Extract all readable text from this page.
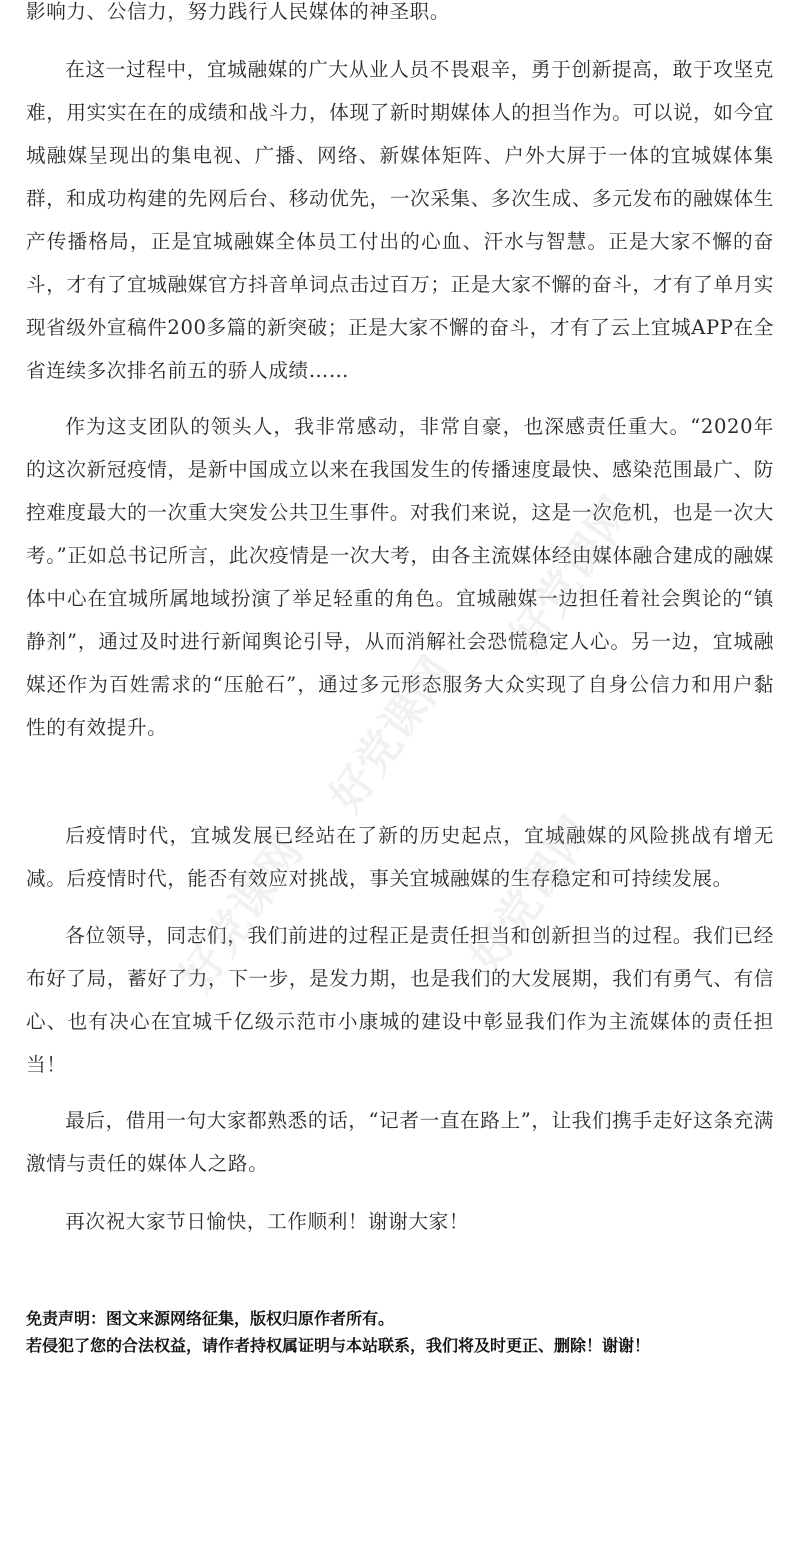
影响力、公信力，努力践行人民媒体的神圣职。

在这一过程中，宜城融媒的广大从业人员不畏艰辛，勇于创新提高，敢于攻坚克难，用实实在在的成绩和战斗力，体现了新时期媒体人的担当作为。可以说，如今宜城融媒呈现出的集电视、广播、网络、新媒体矩阵、户外大屏于一体的宜城媒体集群，和成功构建的先网后台、移动优先，一次采集、多次生成、多元发布的融媒体生产传播格局，正是宜城融媒全体员工付出的心血、汗水与智慧。正是大家不懈的奋斗，才有了宜城融媒官方抖音单词点击过百万；正是大家不懈的奋斗，才有了单月实现省级外宣稿件200多篇的新突破；正是大家不懈的奋斗，才有了云上宜城APP在全省连续多次排名前五的骄人成绩……

作为这支团队的领头人，我非常感动，非常自豪，也深感责任重大。“2020年的这次新冠疫情，是新中国成立以来在我国发生的传播速度最快、感染范围最广、防控难度最大的一次重大突发公共卫生事件。对我们来说，这是一次危机，也是一次大考。”正如总书记所言，此次疫情是一次大考，由各主流媒体经由媒体融合建成的融媒体中心在宜城所属地域扮演了举足轻重的角色。宜城融媒一边担任着社会舆论的“镇静剂”，通过及时进行新闻舆论引导，从而消解社会恐慌稳定人心。另一边，宜城融媒还作为百姓需求的“压舱石”，通过多元形态服务大众实现了自身公信力和用户黏性的有效提升。

后疫情时代，宜城发展已经站在了新的历史起点，宜城融媒的风险挑战有增无减。后疫情时代，能否有效应对挑战，事关宜城融媒的生存稳定和可持续发展。

各位领导，同志们，我们前进的过程正是责任担当和创新担当的过程。我们已经布好了局，蓄好了力，下一步，是发力期，也是我们的大发展期，我们有勇气、有信心、也有决心在宜城千亿级示范市小康城的建设中彰显我们作为主流媒体的责任担当！

最后，借用一句大家都熟悉的话，“记者一直在路上”，让我们携手走好这条充满激情与责任的媒体人之路。

再次祝大家节日愉快，工作顺利！谢谢大家！

免责声明：图文来源网络征集，版权归原作者所有。
若侵犯了您的合法权益，请作者持权属证明与本站联系，我们将及时更正、删除！谢谢！
好党课网
好党课网
好党课网	好党课网
